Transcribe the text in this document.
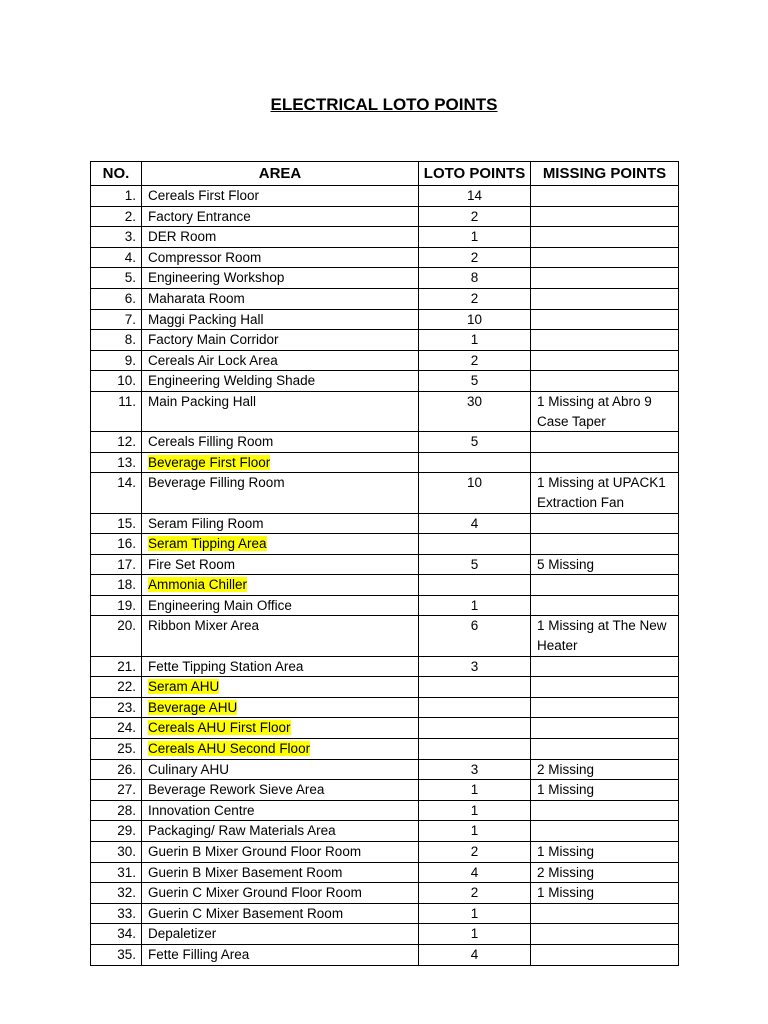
ELECTRICAL LOTO POINTS
NO.	AREA	LOTO POINTS	MISSING POINTS
1.	Cereals First Floor	14	
2.	Factory Entrance	2	
3.	DER Room	1	
4.	Compressor Room	2	
5.	Engineering Workshop	8	
6.	Maharata Room	2	
7.	Maggi Packing Hall	10	
8.	Factory Main Corridor	1	
9.	Cereals Air Lock Area	2	
10.	Engineering Welding Shade	5	
11.	Main Packing Hall	30	1 Missing at Abro 9 Case Taper
12.	Cereals Filling Room	5	
13.	Beverage First Floor		
14.	Beverage Filling Room	10	1 Missing at UPACK1 Extraction Fan
15.	Seram Filing Room	4	
16.	Seram Tipping Area		
17.	Fire Set Room	5	5 Missing
18.	Ammonia Chiller		
19.	Engineering Main Office	1	
20.	Ribbon Mixer Area	6	1 Missing at The New Heater
21.	Fette Tipping Station Area	3	
22.	Seram AHU		
23.	Beverage AHU		
24.	Cereals AHU First Floor		
25.	Cereals AHU Second Floor		
26.	Culinary AHU	3	2 Missing
27.	Beverage Rework Sieve Area	1	1 Missing
28.	Innovation Centre	1	
29.	Packaging/ Raw Materials Area	1	
30.	Guerin B Mixer Ground Floor Room	2	1 Missing
31.	Guerin B Mixer Basement Room	4	2 Missing
32.	Guerin C Mixer Ground Floor Room	2	1 Missing
33.	Guerin C Mixer Basement Room	1	
34.	Depaletizer	1	
35.	Fette Filling Area	4	
